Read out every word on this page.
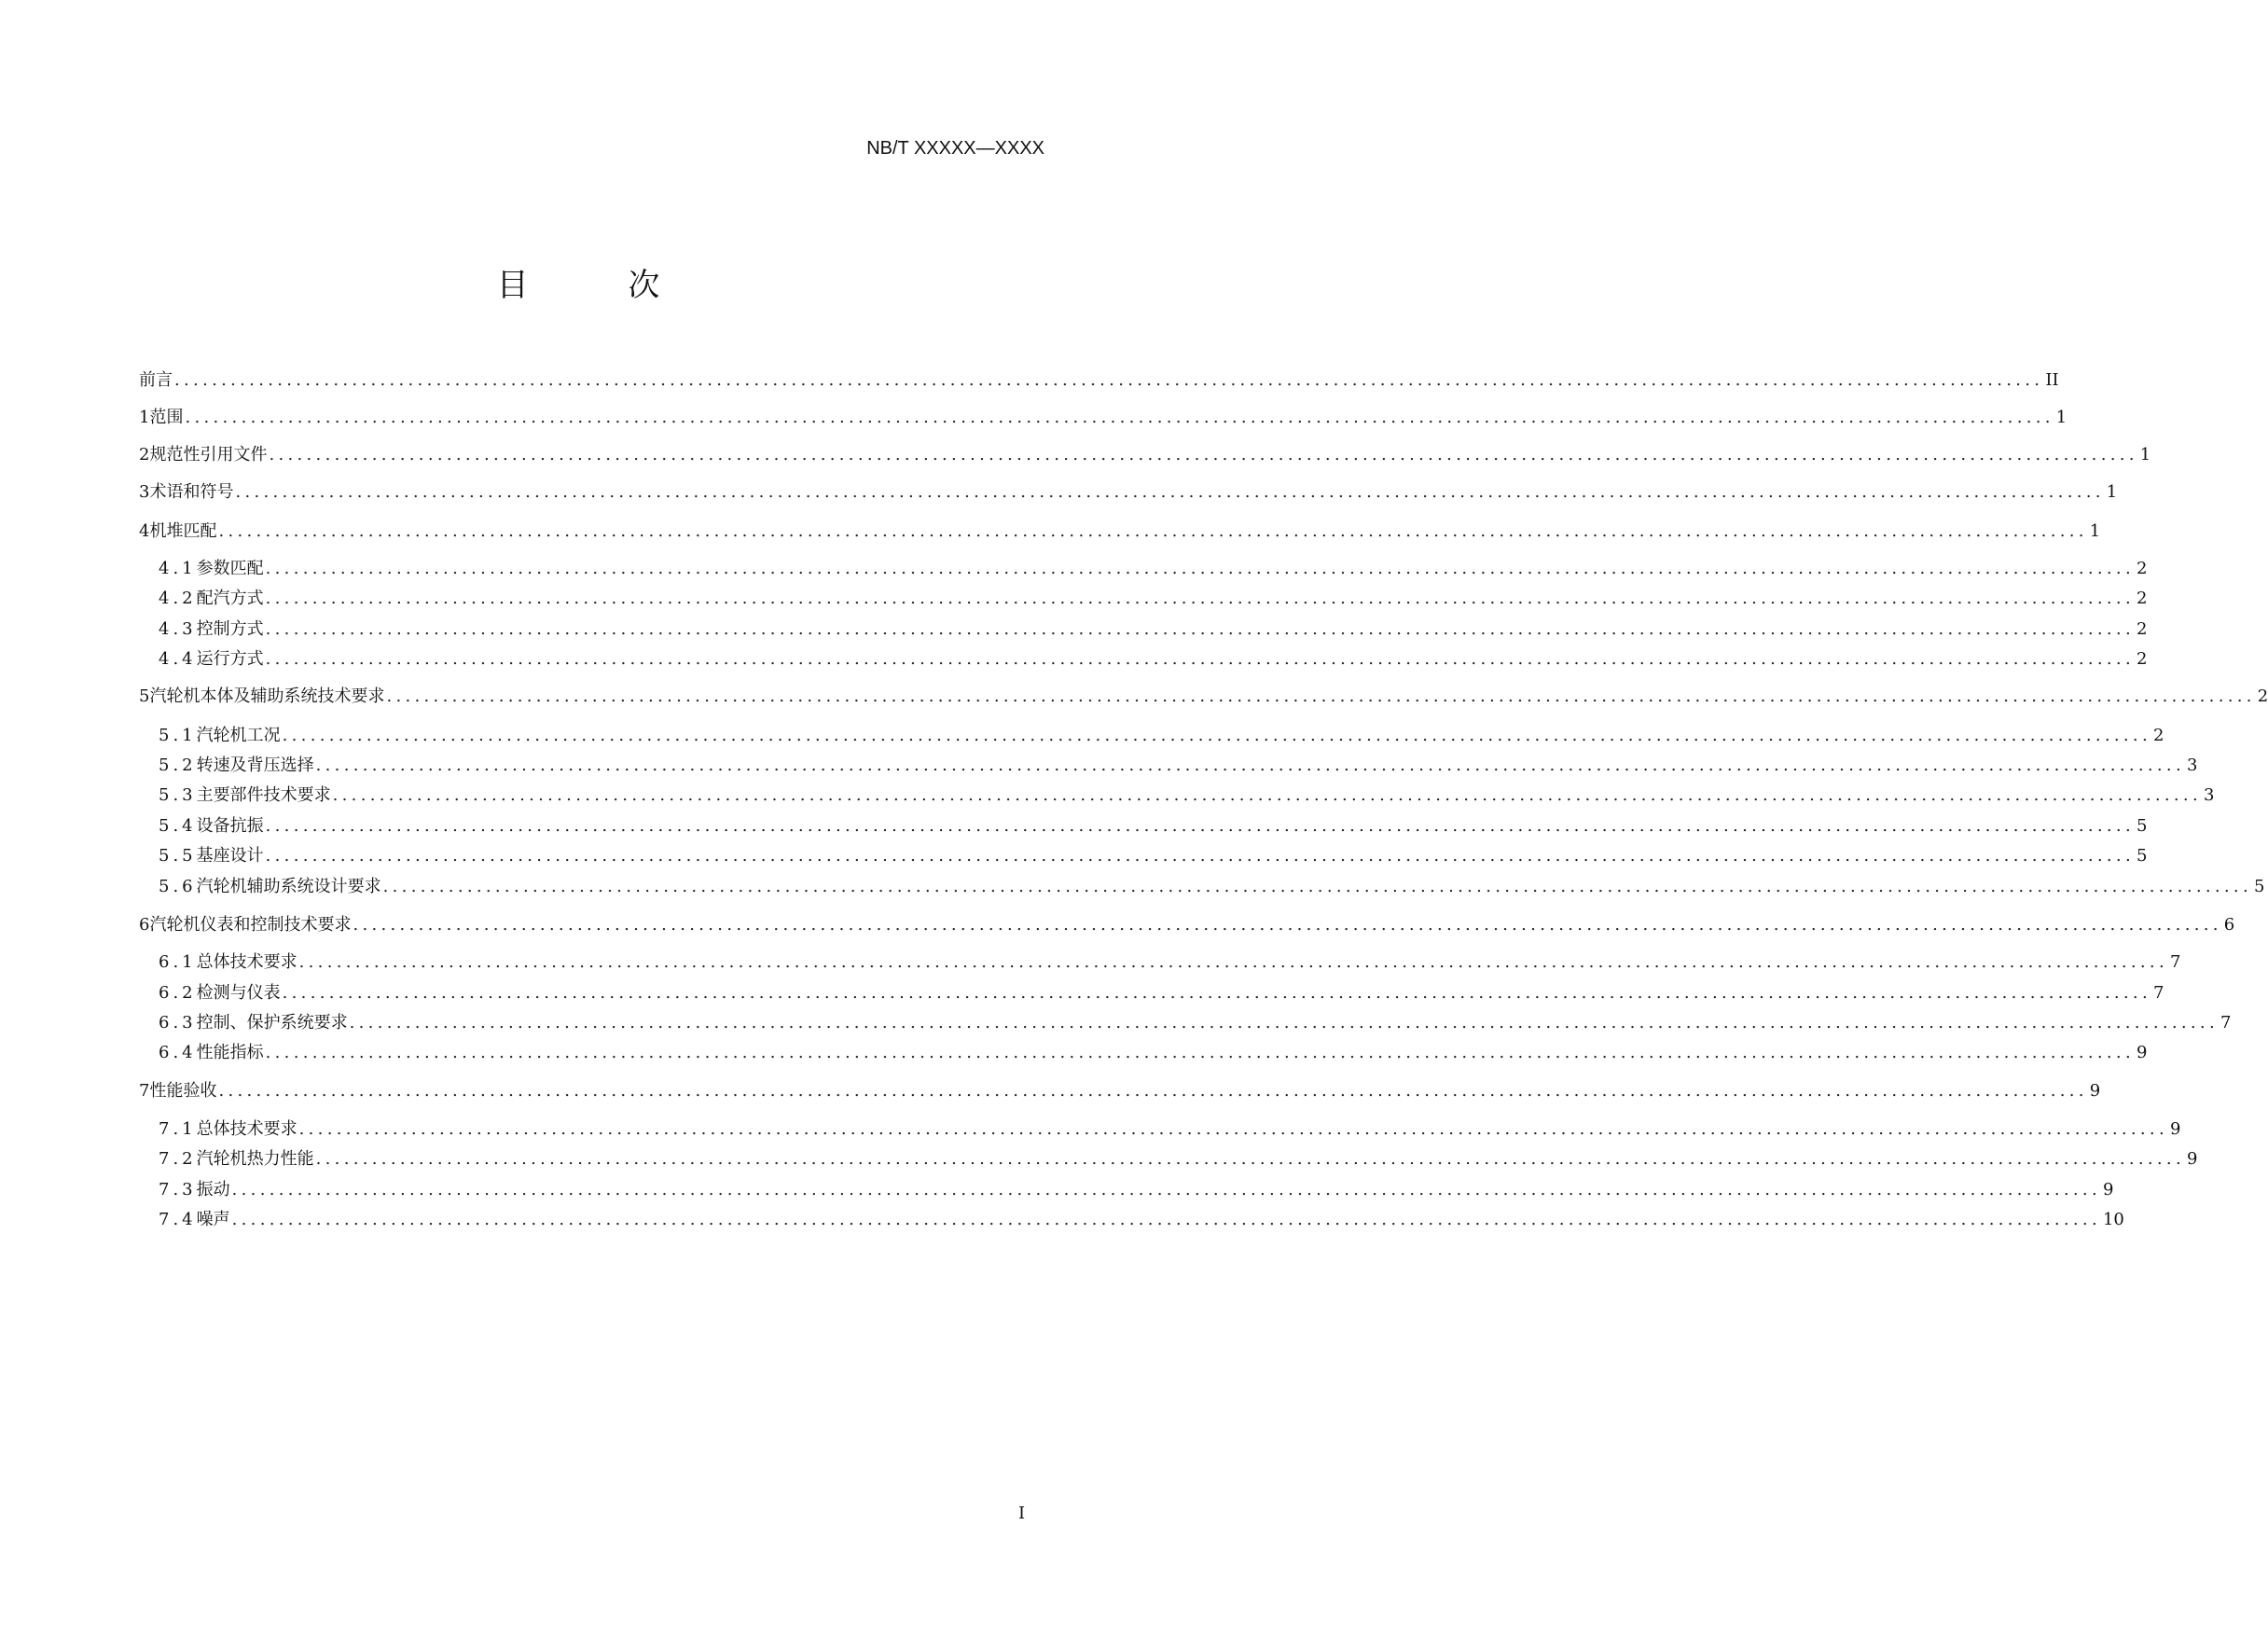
NB/T XXXXX—XXXX
目 次
前言 ........................................................................................................................................................................................................ II
1 范围 ........................................................................................................................................................................................................ 1
2 规范性引用文件 ........................................................................................................................................................................................................ 1
3 术语和符号 ........................................................................................................................................................................................................ 1
4 机堆匹配 ........................................................................................................................................................................................................ 1
4.1 参数匹配 ........................................................................................................................................................................................................ 2
4.2 配汽方式 ........................................................................................................................................................................................................ 2
4.3 控制方式 ........................................................................................................................................................................................................ 2
4.4 运行方式 ........................................................................................................................................................................................................ 2
5 汽轮机本体及辅助系统技术要求 ........................................................................................................................................................................................................ 2
5.1 汽轮机工况 ........................................................................................................................................................................................................ 2
5.2 转速及背压选择 ........................................................................................................................................................................................................ 3
5.3 主要部件技术要求 ........................................................................................................................................................................................................ 3
5.4 设备抗振 ........................................................................................................................................................................................................ 5
5.5 基座设计 ........................................................................................................................................................................................................ 5
5.6 汽轮机辅助系统设计要求 ........................................................................................................................................................................................................ 5
6 汽轮机仪表和控制技术要求 ........................................................................................................................................................................................................ 6
6.1 总体技术要求 ........................................................................................................................................................................................................ 7
6.2 检测与仪表 ........................................................................................................................................................................................................ 7
6.3 控制、保护系统要求 ........................................................................................................................................................................................................ 7
6.4 性能指标 ........................................................................................................................................................................................................ 9
7 性能验收 ........................................................................................................................................................................................................ 9
7.1 总体技术要求 ........................................................................................................................................................................................................ 9
7.2 汽轮机热力性能 ........................................................................................................................................................................................................ 9
7.3 振动 ........................................................................................................................................................................................................ 9
7.4 噪声 ........................................................................................................................................................................................................ 10
I
